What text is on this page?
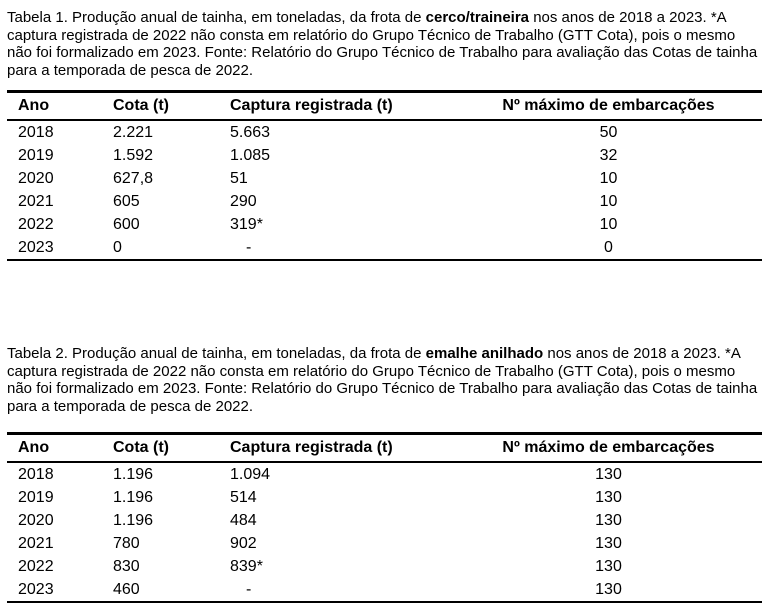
Tabela 1. Produção anual de tainha, em toneladas, da frota de cerco/traineira nos anos de 2018 a 2023. *A captura registrada de 2022 não consta em relatório do Grupo Técnico de Trabalho (GTT Cota), pois o mesmo não foi formalizado em 2023. Fonte: Relatório do Grupo Técnico de Trabalho para avaliação das Cotas de tainha para a temporada de pesca de 2022.

Ano	Cota (t)	Captura registrada (t)	Nº máximo de embarcações
2018	2.221	5.663	50
2019	1.592	1.085	32
2020	627,8	51	10
2021	605	290	10
2022	600	319*	10
2023	0	-	0

Tabela 2. Produção anual de tainha, em toneladas, da frota de emalhe anilhado nos anos de 2018 a 2023. *A captura registrada de 2022 não consta em relatório do Grupo Técnico de Trabalho (GTT Cota), pois o mesmo não foi formalizado em 2023. Fonte: Relatório do Grupo Técnico de Trabalho para avaliação das Cotas de tainha para a temporada de pesca de 2022.

Ano	Cota (t)	Captura registrada (t)	Nº máximo de embarcações
2018	1.196	1.094	130
2019	1.196	514	130
2020	1.196	484	130
2021	780	902	130
2022	830	839*	130
2023	460	-	130
